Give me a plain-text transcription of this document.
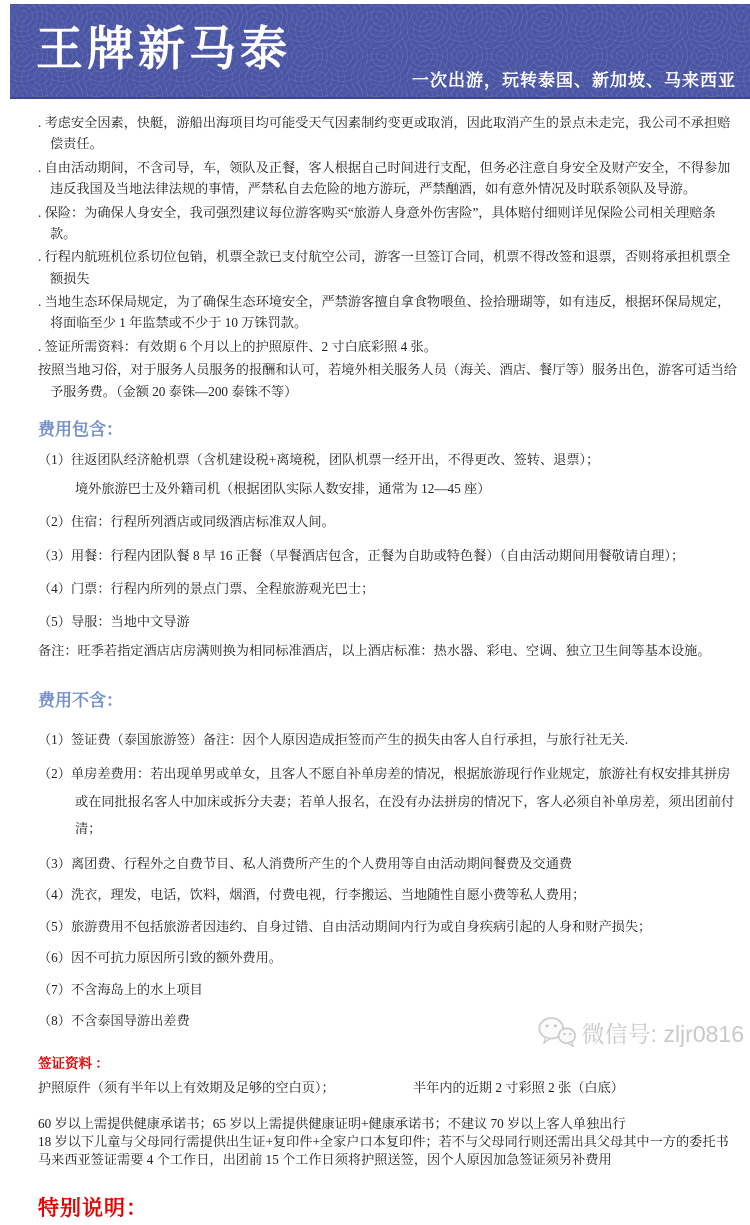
王牌新马泰
一次出游，玩转泰国、新加坡、马来西亚

. 考虑安全因素，快艇，游船出海项目均可能受天气因素制约变更或取消，因此取消产生的景点未走完，我公司不承担赔偿责任。

. 自由活动期间，不含司导，车，领队及正餐，客人根据自己时间进行支配，但务必注意自身安全及财产安全，不得参加违反我国及当地法律法规的事情，严禁私自去危险的地方游玩，严禁酗酒，如有意外情况及时联系领队及导游。

. 保险：为确保人身安全，我司强烈建议每位游客购买“旅游人身意外伤害险”，具体赔付细则详见保险公司相关理赔条款。

. 行程内航班机位系切位包销，机票全款已支付航空公司，游客一旦签订合同，机票不得改签和退票，否则将承担机票全额损失

. 当地生态环保局规定，为了确保生态环境安全，严禁游客擅自拿食物喂鱼、捡拾珊瑚等，如有违反，根据环保局规定，将面临至少 1 年监禁或不少于 10 万铢罚款。

. 签证所需资料：有效期 6 个月以上的护照原件、2 寸白底彩照 4 张。

按照当地习俗，对于服务人员服务的报酬和认可，若境外相关服务人员（海关、酒店、餐厅等）服务出色，游客可适当给予服务费。（金额 20 泰铢—200 泰铢不等）

费用包含：

（1）往返团队经济舱机票（含机建设税+离境税，团队机票一经开出，不得更改、签转、退票）；

境外旅游巴士及外籍司机（根据团队实际人数安排，通常为 12—45 座）

（2）住宿：行程所列酒店或同级酒店标准双人间。

（3）用餐：行程内团队餐 8 早 16 正餐（早餐酒店包含，正餐为自助或特色餐）（自由活动期间用餐敬请自理）；

（4）门票：行程内所列的景点门票、全程旅游观光巴士；

（5）导服：当地中文导游

备注：旺季若指定酒店店房满则换为相同标准酒店，以上酒店标准：热水器、彩电、空调、独立卫生间等基本设施。

费用不含：

（1）签证费（泰国旅游签）备注：因个人原因造成拒签而产生的损失由客人自行承担，与旅行社无关.

（2）单房差费用：若出现单男或单女，且客人不愿自补单房差的情况，根据旅游现行作业规定，旅游社有权安排其拼房或在同批报名客人中加床或拆分夫妻；若单人报名，在没有办法拼房的情况下，客人必须自补单房差，须出团前付清；

（3）离团费、行程外之自费节目、私人消费所产生的个人费用等自由活动期间餐费及交通费

（4）洗衣，理发，电话，饮料，烟酒，付费电视，行李搬运、当地随性自愿小费等私人费用；

（5）旅游费用不包括旅游者因违约、自身过错、自由活动期间内行为或自身疾病引起的人身和财产损失；

（6）因不可抗力原因所引致的额外费用。

（7）不含海岛上的水上项目

（8）不含泰国导游出差费

签证资料 ：

护照原件（须有半年以上有效期及足够的空白页）；	半年内的近期 2 寸彩照 2 张（白底）

60 岁以上需提供健康承诺书；65 岁以上需提供健康证明+健康承诺书；不建议 70 岁以上客人单独出行

18 岁以下儿童与父母同行需提供出生证+复印件+全家户口本复印件；若不与父母同行则还需出具父母其中一方的委托书

马来西亚签证需要 4 个工作日，出团前 15 个工作日须将护照送签，因个人原因加急签证须另补费用

特别说明：

微信号: zljr0816
